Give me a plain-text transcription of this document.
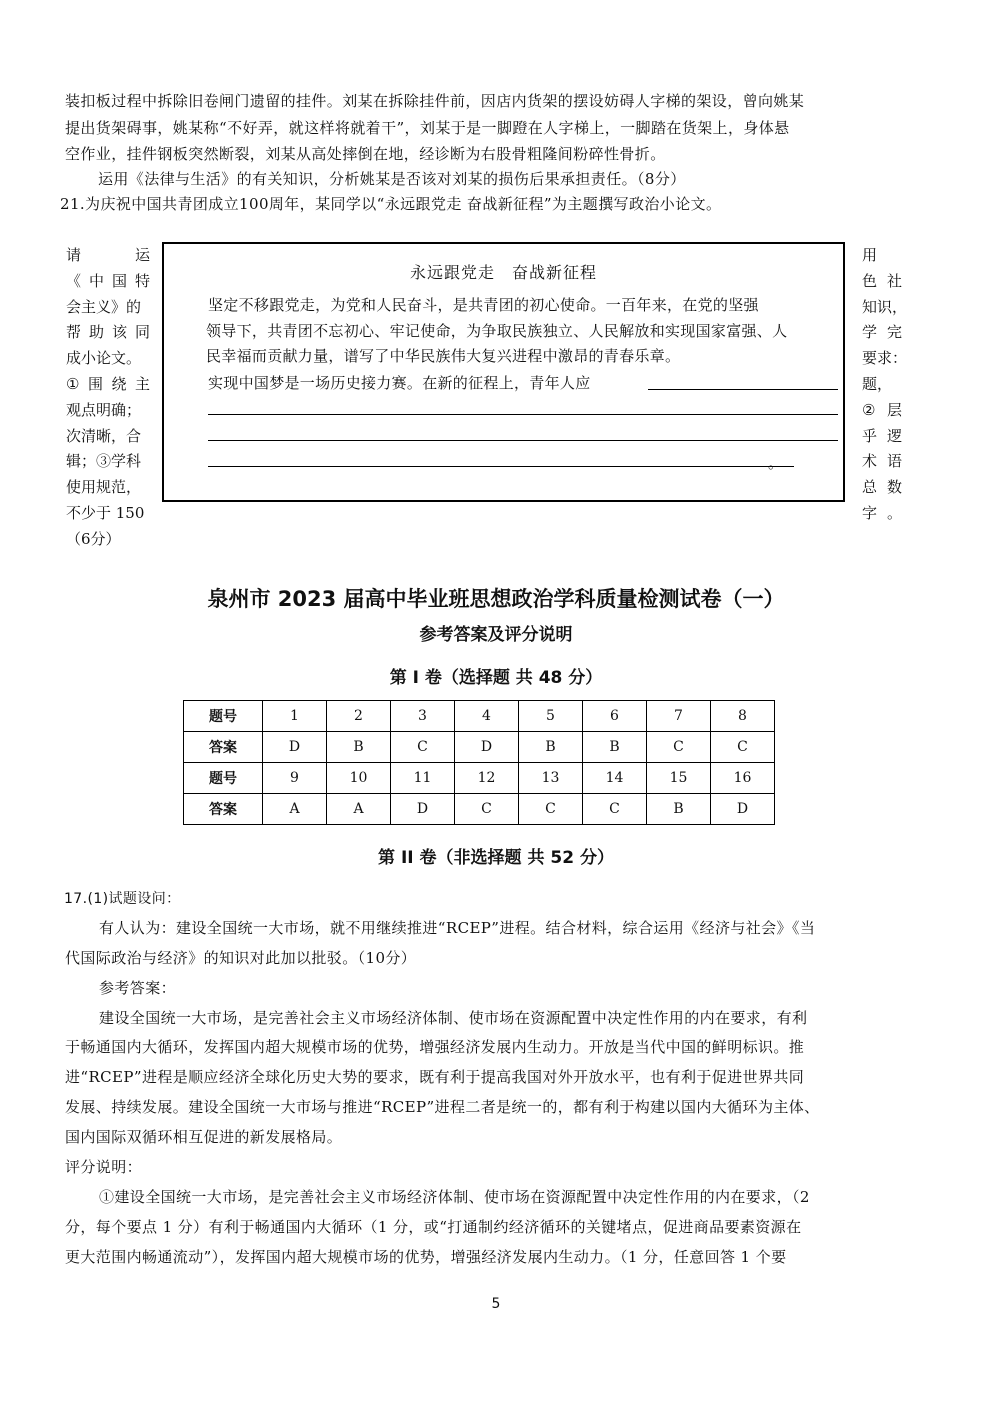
装扣板过程中拆除旧卷闸门遗留的挂件。刘某在拆除挂件前，因店内货架的摆设妨碍人字梯的架设，曾向姚某
提出货架碍事，姚某称“不好弄，就这样将就着干”，刘某于是一脚蹬在人字梯上，一脚踏在货架上，身体悬
空作业，挂件钢板突然断裂，刘某从高处摔倒在地，经诊断为右股骨粗隆间粉碎性骨折。
运用《法律与生活》的有关知识，分析姚某是否该对刘某的损伤后果承担责任。（8分）
21.为庆祝中国共青团成立100周年，某同学以“永远跟党走 奋战新征程”为主题撰写政治小论文。
请	运
《 中 国 特
会主义》的
帮 助 该 同
成小论文。
① 围 绕 主
观点明确；
次清晰，合
辑；③学科
使用规范，
不少于 150
（6分）
永远跟党走　奋战新征程
坚定不移跟党走，为党和人民奋斗，是共青团的初心使命。一百年来，在党的坚强
领导下，共青团不忘初心、牢记使命，为争取民族独立、人民解放和实现国家富强、人
民幸福而贡献力量，谱写了中华民族伟大复兴进程中激昂的青春乐章。
实现中国梦是一场历史接力赛。在新的征程上，青年人应
。
用
色 社
知识，
学 完
要求：
题，
② 层
乎 逻
术 语
总 数
字 。
泉州市 2023 届高中毕业班思想政治学科质量检测试卷（一）
参考答案及评分说明
第 I 卷（选择题 共 48 分）
题号	1	2	3	4	5	6	7	8
答案	D	B	C	D	B	B	C	C
题号	9	10	11	12	13	14	15	16
答案	A	A	D	C	C	C	B	D
第 II 卷（非选择题 共 52 分）
17.(1)试题设问：
有人认为：建设全国统一大市场，就不用继续推进“RCEP”进程。结合材料，综合运用《经济与社会》《当
代国际政治与经济》的知识对此加以批驳。（10分）
参考答案：
建设全国统一大市场，是完善社会主义市场经济体制、使市场在资源配置中决定性作用的内在要求，有利
于畅通国内大循环，发挥国内超大规模市场的优势，增强经济发展内生动力。开放是当代中国的鲜明标识。推
进“RCEP”进程是顺应经济全球化历史大势的要求，既有利于提高我国对外开放水平，也有利于促进世界共同
发展、持续发展。建设全国统一大市场与推进“RCEP”进程二者是统一的，都有利于构建以国内大循环为主体、
国内国际双循环相互促进的新发展格局。
评分说明：
①建设全国统一大市场，是完善社会主义市场经济体制、使市场在资源配置中决定性作用的内在要求，（2
分，每个要点 1 分）有利于畅通国内大循环（1 分，或“打通制约经济循环的关键堵点，促进商品要素资源在
更大范围内畅通流动”），发挥国内超大规模市场的优势，增强经济发展内生动力。（1 分，任意回答 1 个要
5
